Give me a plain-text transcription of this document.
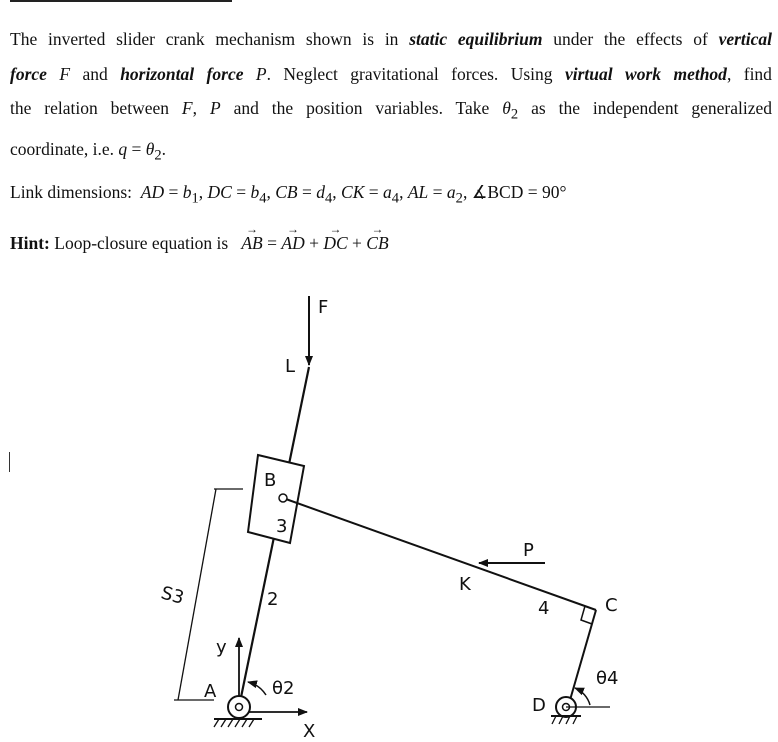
The inverted slider crank mechanism shown is in static equilibrium under the effects of vertical
force F and horizontal force P. Neglect gravitational forces. Using virtual work method, find
the relation between F, P and the position variables. Take $\theta_2$ as the independent generalized
coordinate, i.e. $q = \theta_2$.
Link dimensions: AD = $b_1$, DC = $b_4$, CB = $d_4$, CK = $a_4$, AL = $a_2$, ∡BCD = 90°
Hint: Loop-closure equation is → AB = → AD + → DC + → CB
F
L
B
3
P
K
4	C
2
S3
y
A
X
θ2
D
θ4
